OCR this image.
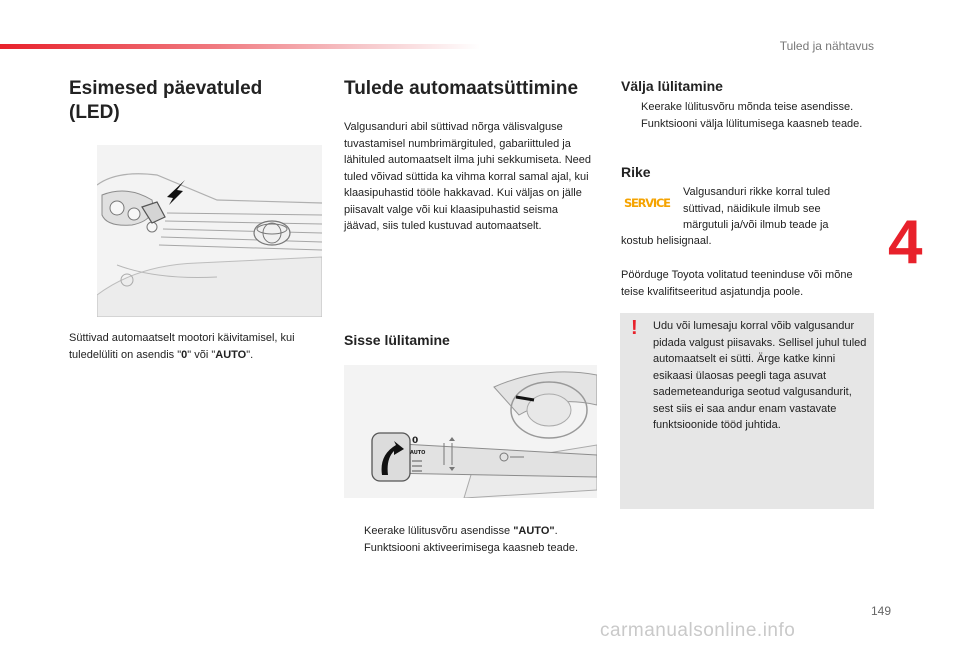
Tuled ja nähtavus
4
Esimesed päevatuled
(LED)
Süttivad automaatselt mootori käivitamisel, kui tuledelüliti on asendis "0" või "AUTO".
Tulede automaatsüttimine
Valgusanduri abil süttivad nõrga välisvalguse tuvastamisel numbrimärgituled, gabariittuled ja lähituled automaatselt ilma juhi sekkumiseta. Need tuled võivad süttida ka vihma korral samal ajal, kui klaasipuhastid tööle hakkavad. Kui väljas on jälle piisavalt valge või kui klaasipuhastid seisma jäävad, siis tuled kustuvad automaatselt.
Sisse lülitamine
0
AUTO
Keerake lülitusvõru asendisse "AUTO". Funktsiooni aktiveerimisega kaasneb teade.
Välja lülitamine
Keerake lülitusvõru mõnda teise asendisse. Funktsiooni välja lülitumisega kaasneb teade.
Rike
SERVICE
Valgusanduri rikke korral tuled süttivad, näidikule ilmub see märgutuli ja/või ilmub teade ja
kostub helisignaal.
Pöörduge Toyota volitatud teeninduse või mõne teise kvalifitseeritud asjatundja poole.
! Udu või lumesaju korral võib valgusandur pidada valgust piisavaks. Sellisel juhul tuled automaatselt ei sütti. Ärge katke kinni esikaasi ülaosas peegli taga asuvat sademeteanduriga seotud valgusandurit, sest siis ei saa andur enam vastavate funktsioonide tööd juhtida.
149
carmanualsonline.info
